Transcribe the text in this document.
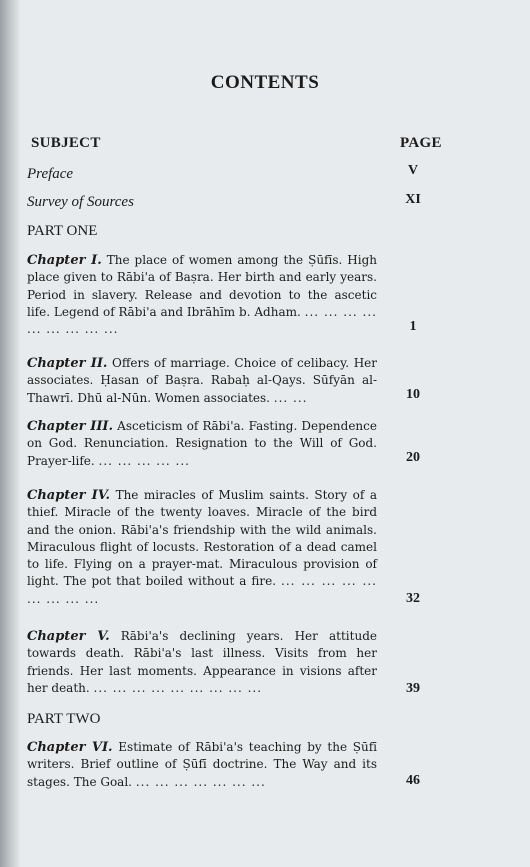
CONTENTS
SUBJECT	PAGE
Preface	V
Survey of Sources	XI
PART ONE
Chapter I. The place of women among the Ṣūfīs. High place given to Rābi'a of Baṣra. Her birth and early years. Period in slavery. Release and devotion to the ascetic life. Legend of Rābi'a and Ibrāhīm b. Adham. ... ... ... ... ... ... ... ... ...	1
Chapter II. Offers of marriage. Choice of celibacy. Her associates. Ḥasan of Baṣra. Rabaḥ al-Qays. Sūfyān al-Thawrī. Dhū al-Nūn. Women associates. ... ...	10
Chapter III. Asceticism of Rābi'a. Fasting. Dependence on God. Renunciation. Resignation to the Will of God. Prayer-life. ... ... ... ... ...	20
Chapter IV. The miracles of Muslim saints. Story of a thief. Miracle of the twenty loaves. Miracle of the bird and the onion. Rābi'a's friendship with the wild animals. Miraculous flight of locusts. Restoration of a dead camel to life. Flying on a prayer-mat. Miraculous provision of light. The pot that boiled without a fire. ... ... ... ... ... ... ... ... ...	32
Chapter V. Rābi'a's declining years. Her attitude towards death. Rābi'a's last illness. Visits from her friends. Her last moments. Appearance in visions after her death. ... ... ... ... ... ... ... ... ...	39
PART TWO
Chapter VI. Estimate of Rābi'a's teaching by the Ṣūfī writers. Brief outline of Ṣūfī doctrine. The Way and its stages. The Goal. ... ... ... ... ... ... ...	46
